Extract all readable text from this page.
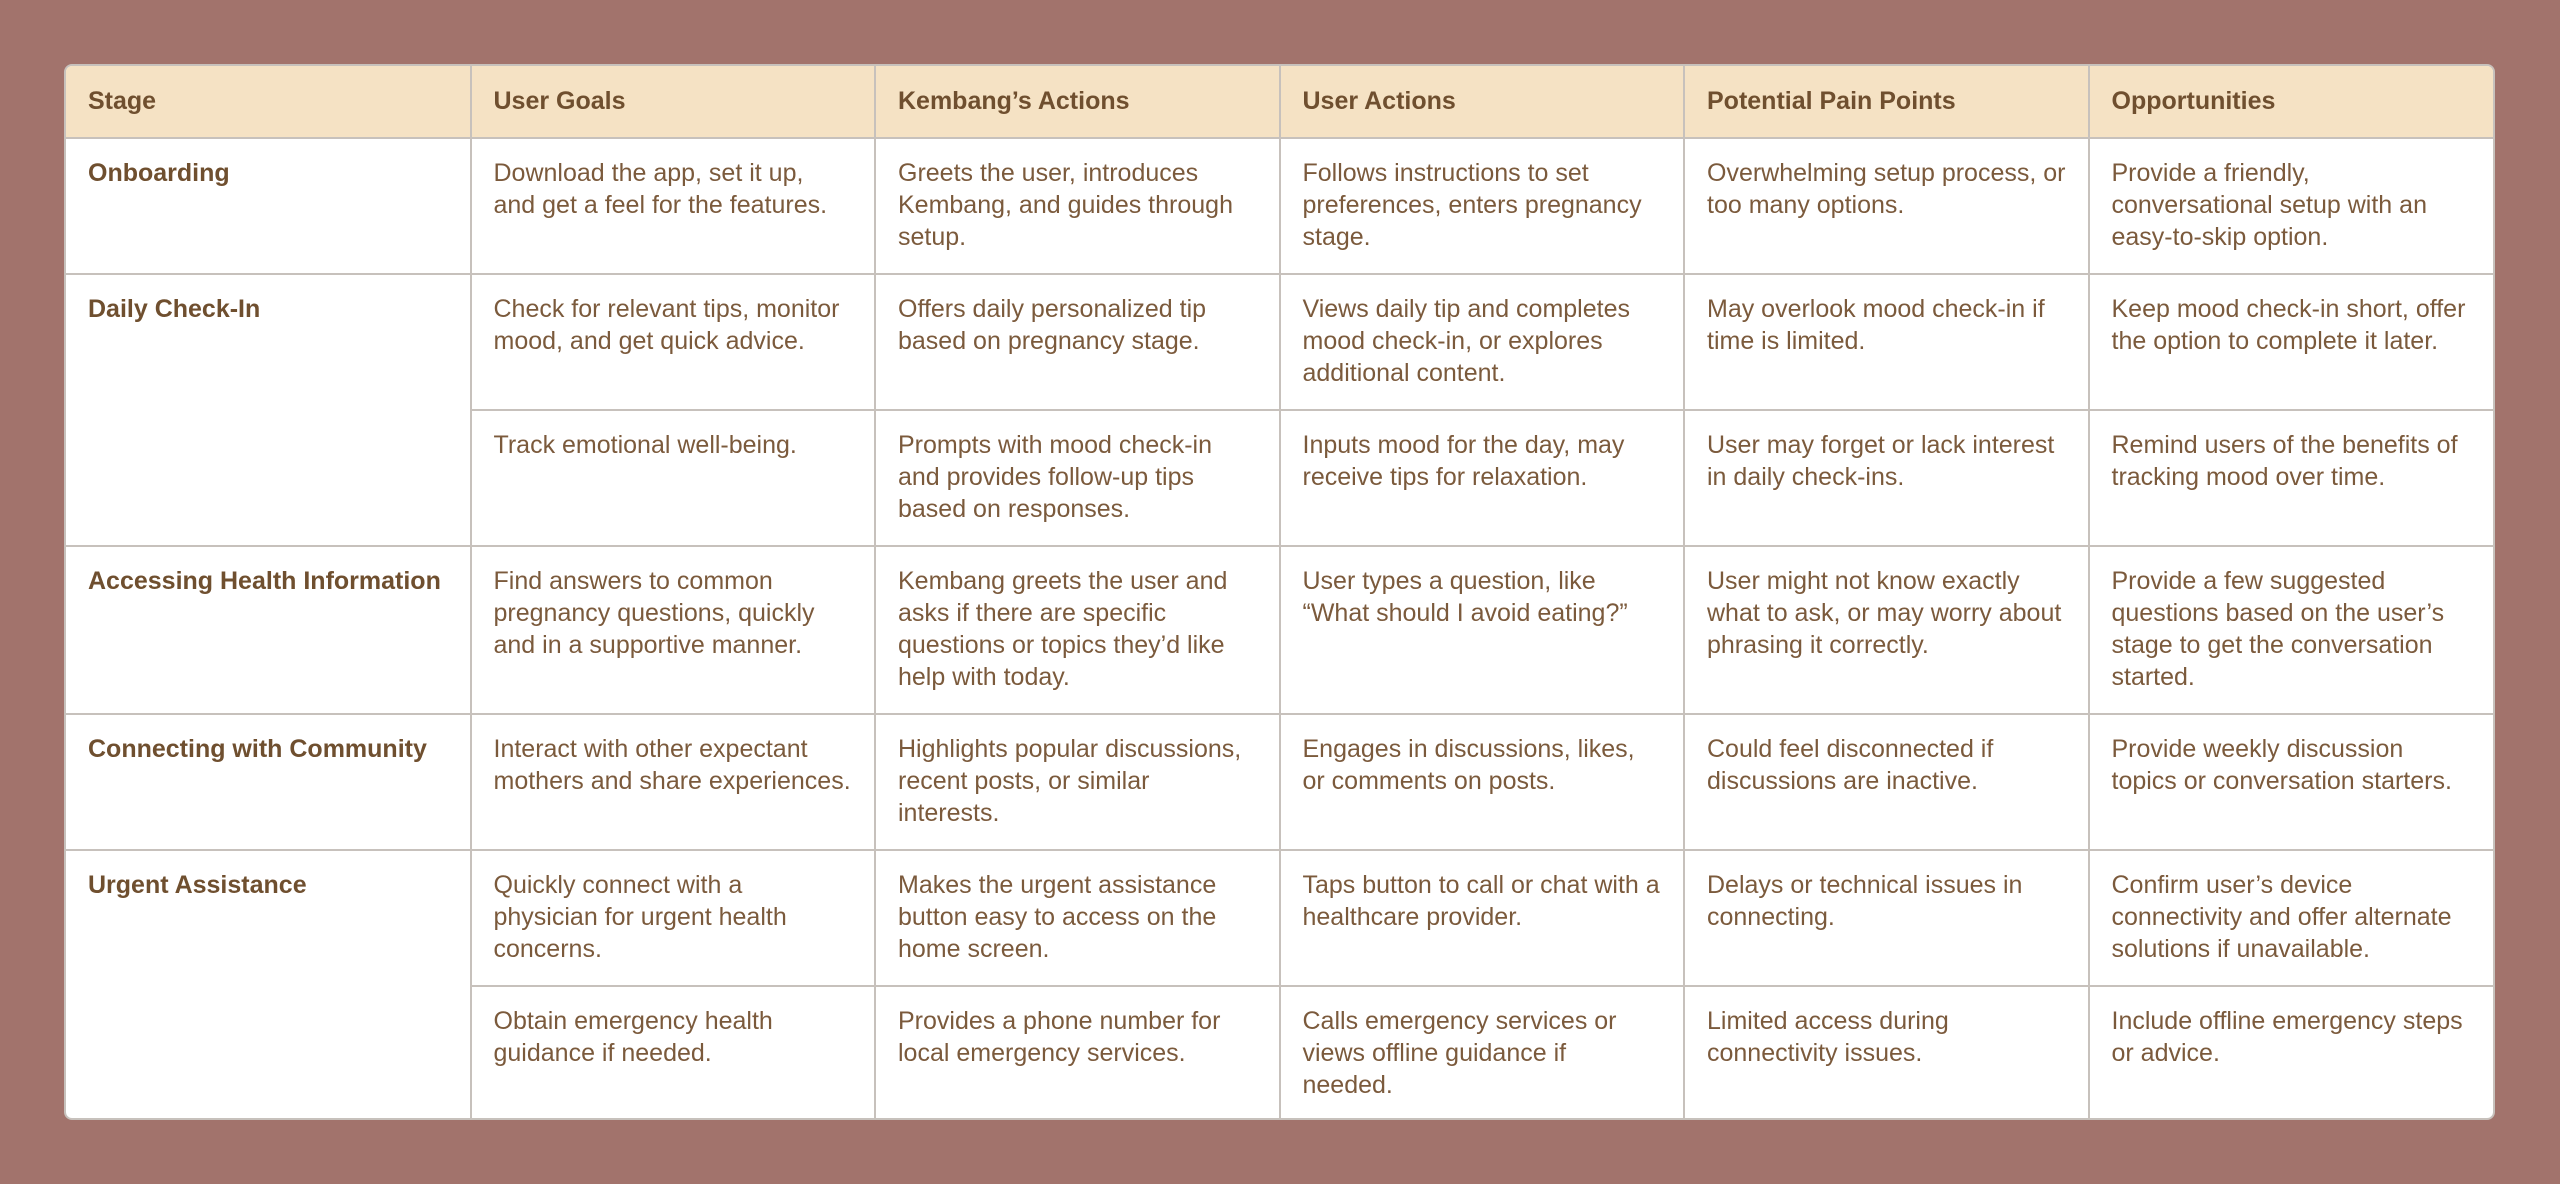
Stage	User Goals	Kembang’s Actions	User Actions	Potential Pain Points	Opportunities
Onboarding	Download the app, set it up, and get a feel for the features.	Greets the user, introduces Kembang, and guides through setup.	Follows instructions to set preferences, enters pregnancy stage.	Overwhelming setup process, or too many options.	Provide a friendly, conversational setup with an easy-to-skip option.
Daily Check-In	Check for relevant tips, monitor mood, and get quick advice.	Offers daily personalized tip based on pregnancy stage.	Views daily tip and completes mood check-in, or explores additional content.	May overlook mood check-in if time is limited.	Keep mood check-in short, offer the option to complete it later.
	Track emotional well-being.	Prompts with mood check-in and provides follow-up tips based on responses.	Inputs mood for the day, may receive tips for relaxation.	User may forget or lack interest in daily check-ins.	Remind users of the benefits of tracking mood over time.
Accessing Health Information	Find answers to common pregnancy questions, quickly and in a supportive manner.	Kembang greets the user and asks if there are specific questions or topics they’d like help with today.	User types a question, like “What should I avoid eating?”	User might not know exactly what to ask, or may worry about phrasing it correctly.	Provide a few suggested questions based on the user’s stage to get the conversation started.
Connecting with Community	Interact with other expectant mothers and share experiences.	Highlights popular discussions, recent posts, or similar interests.	Engages in discussions, likes, or comments on posts.	Could feel disconnected if discussions are inactive.	Provide weekly discussion topics or conversation starters.
Urgent Assistance	Quickly connect with a physician for urgent health concerns.	Makes the urgent assistance button easy to access on the home screen.	Taps button to call or chat with a healthcare provider.	Delays or technical issues in connecting.	Confirm user’s device connectivity and offer alternate solutions if unavailable.
	Obtain emergency health guidance if needed.	Provides a phone number for local emergency services.	Calls emergency services or views offline guidance if needed.	Limited access during connectivity issues.	Include offline emergency steps or advice.
